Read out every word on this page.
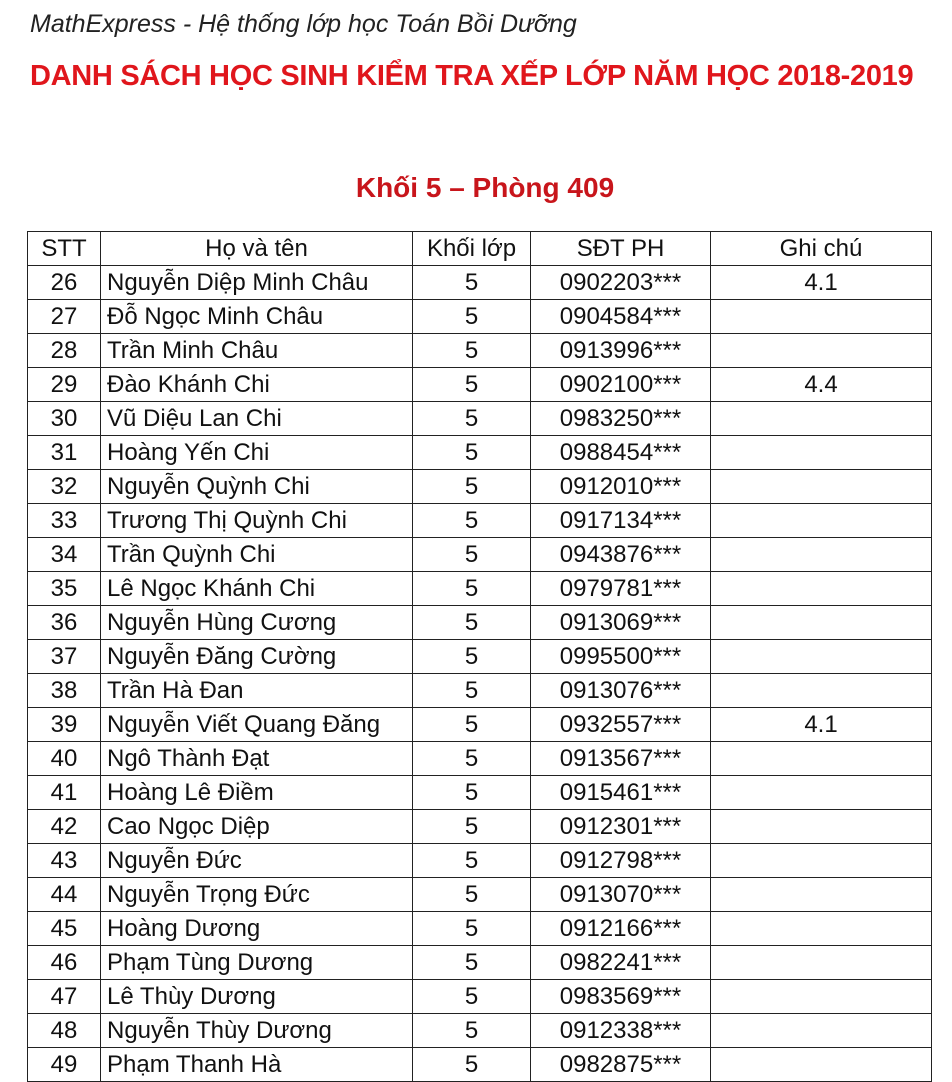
MathExpress - Hệ thống lớp học Toán Bồi Dưỡng
DANH SÁCH HỌC SINH KIỂM TRA XẾP LỚP NĂM HỌC 2018-2019
Khối 5 – Phòng 409
STT	Họ và tên	Khối lớp	SĐT PH	Ghi chú
26	Nguyễn Diệp Minh Châu	5	0902203***	4.1
27	Đỗ Ngọc Minh Châu	5	0904584***	
28	Trần Minh Châu	5	0913996***	
29	Đào Khánh Chi	5	0902100***	4.4
30	Vũ Diệu Lan Chi	5	0983250***	
31	Hoàng Yến Chi	5	0988454***	
32	Nguyễn Quỳnh Chi	5	0912010***	
33	Trương Thị Quỳnh Chi	5	0917134***	
34	Trần Quỳnh Chi	5	0943876***	
35	Lê Ngọc Khánh Chi	5	0979781***	
36	Nguyễn Hùng Cương	5	0913069***	
37	Nguyễn Đăng Cường	5	0995500***	
38	Trần Hà Đan	5	0913076***	
39	Nguyễn Viết Quang Đăng	5	0932557***	4.1
40	Ngô Thành Đạt	5	0913567***	
41	Hoàng Lê Điềm	5	0915461***	
42	Cao Ngọc Diệp	5	0912301***	
43	Nguyễn Đức	5	0912798***	
44	Nguyễn Trọng Đức	5	0913070***	
45	Hoàng Dương	5	0912166***	
46	Phạm Tùng Dương	5	0982241***	
47	Lê Thùy Dương	5	0983569***	
48	Nguyễn Thùy Dương	5	0912338***	
49	Phạm Thanh Hà	5	0982875***	
